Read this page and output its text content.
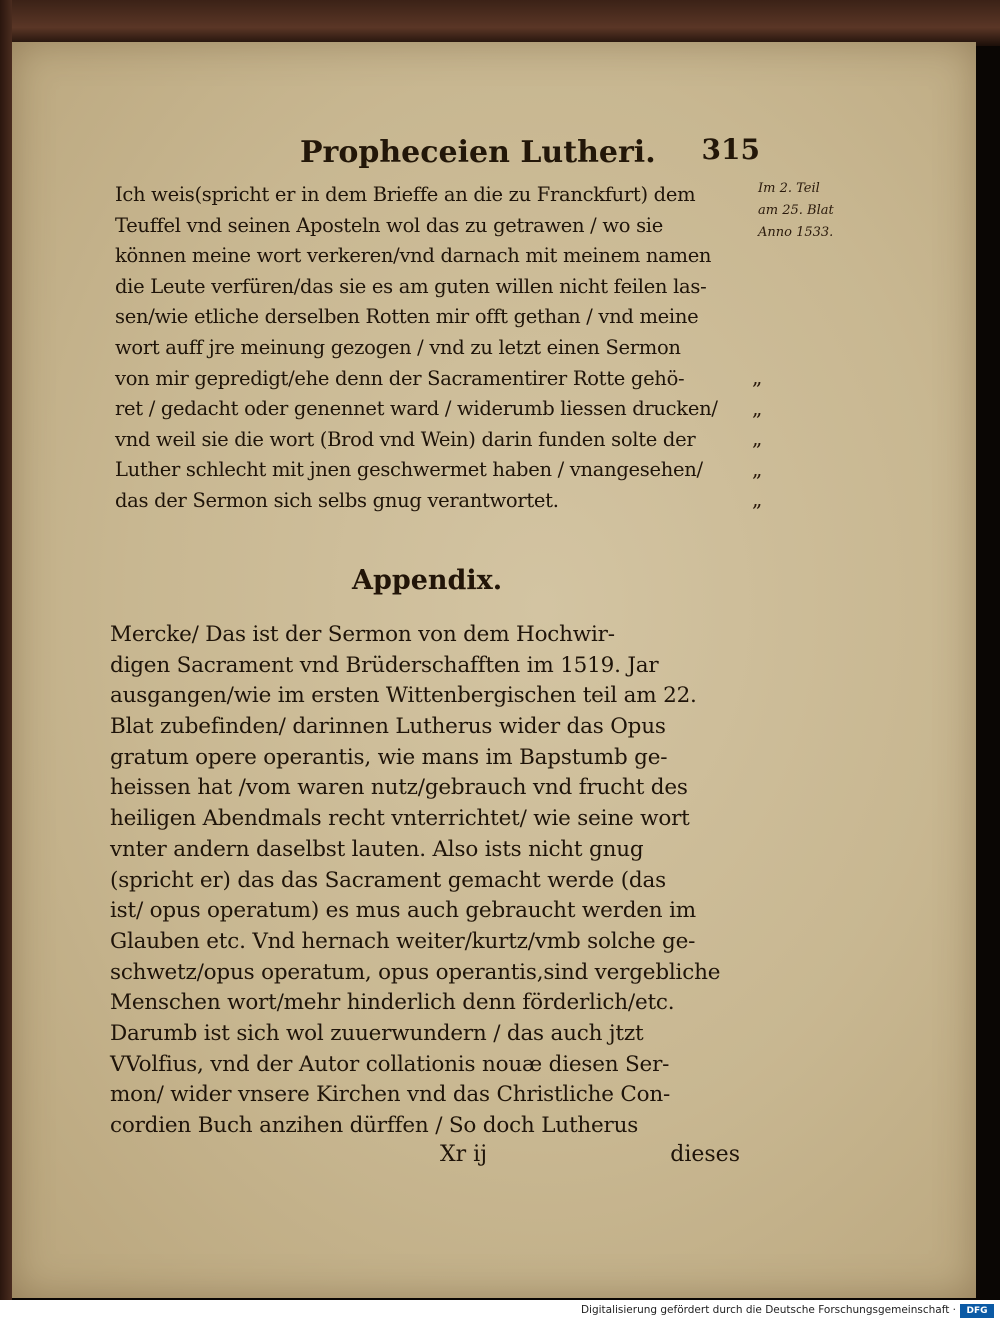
Propheceien Lutheri. 315
Im 2. Teil
am 25. Blat
Anno 1533.
Ich weis(spricht er in dem Brieffe an die zu Franckfurt) dem
Teuffel vnd seinen Aposteln wol das zu getrawen / wo sie
können meine wort verkeren/vnd darnach mit meinem namen
die Leute verfüren/das sie es am guten willen nicht feilen las-
sen/wie etliche derselben Rotten mir offt gethan / vnd meine
wort auff jre meinung gezogen / vnd zu letzt einen Sermon
von mir gepredigt/ehe denn der Sacramentirer Rotte gehö-
ret / gedacht oder genennet ward / widerumb liessen drucken/
vnd weil sie die wort (Brod vnd Wein) darin funden solte der
Luther schlecht mit jnen geschwermet haben / vnangesehen/
das der Sermon sich selbs gnug verantwortet.
„
„
„
„
„
Appendix.
Mercke/ Das ist der Sermon von dem Hochwir-
digen Sacrament vnd Brüderschafften im 1519. Jar
ausgangen/wie im ersten Wittenbergischen teil am 22.
Blat zubefinden/ darinnen Lutherus wider das Opus
gratum opere operantis, wie mans im Bapstumb ge-
heissen hat /vom waren nutz/gebrauch vnd frucht des
heiligen Abendmals recht vnterrichtet/ wie seine wort
vnter andern daselbst lauten. Also ists nicht gnug
(spricht er) das das Sacrament gemacht werde (das
ist/ opus operatum) es mus auch gebraucht werden im
Glauben etc. Vnd hernach weiter/kurtz/vmb solche ge-
schwetz/opus operatum, opus operantis,sind vergebliche
Menschen wort/mehr hinderlich denn förderlich/etc.
Darumb ist sich wol zuuerwundern / das auch jtzt
VVolfius, vnd der Autor collationis nouæ diesen Ser-
mon/ wider vnsere Kirchen vnd das Christliche Con-
cordien Buch anzihen dürffen / So doch Lutherus
Xr ij	dieses
Digitalisierung gefördert durch die Deutsche Forschungsgemeinschaft ·	DFG
